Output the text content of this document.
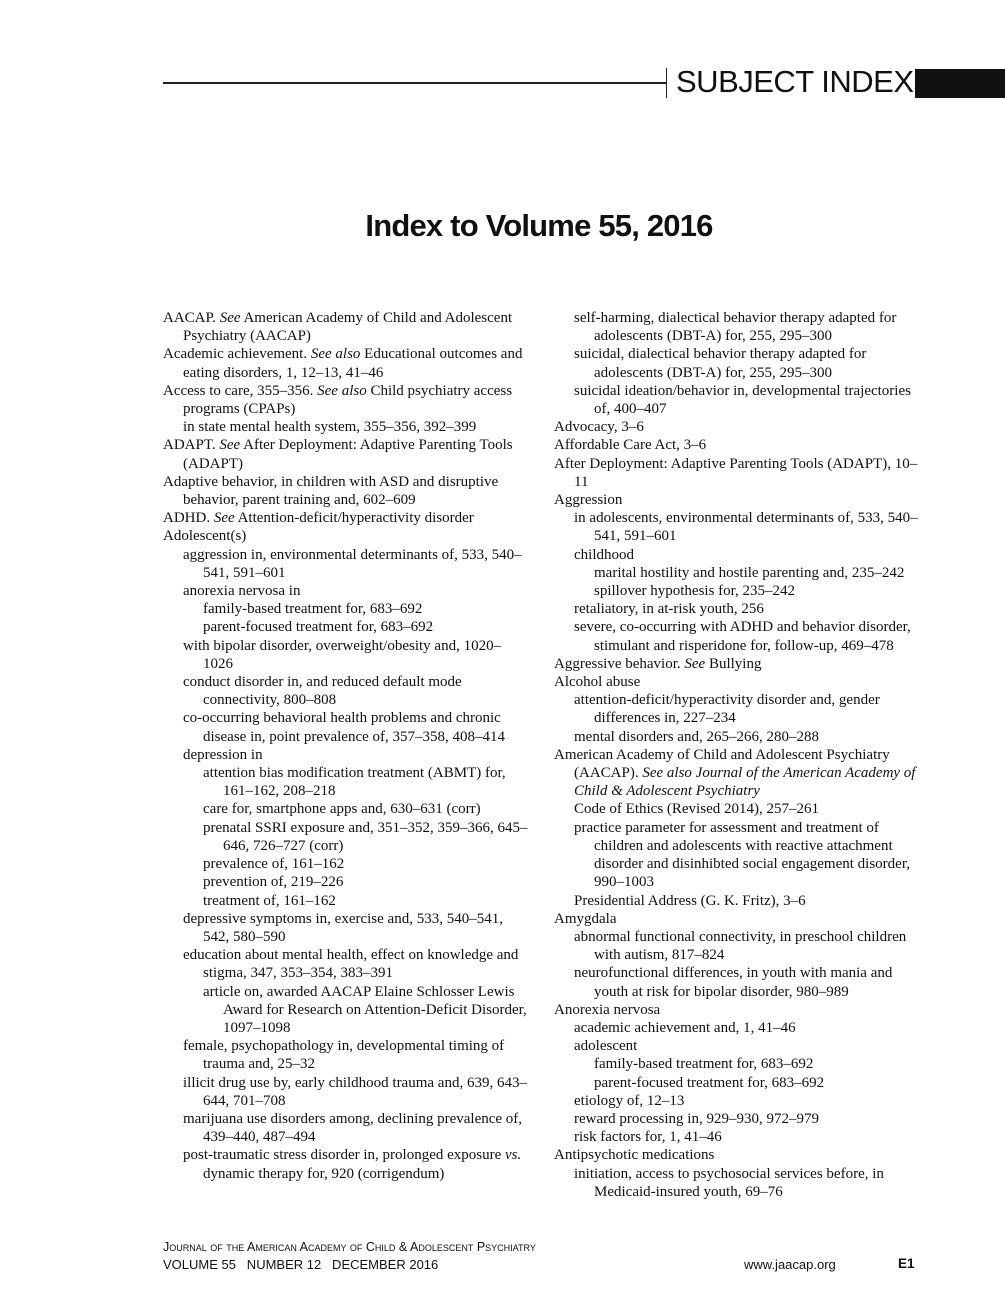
SUBJECT INDEX
Index to Volume 55, 2016
AACAP. See American Academy of Child and Adolescent Psychiatry (AACAP)
Academic achievement. See also Educational outcomes and eating disorders, 1, 12–13, 41–46
Access to care, 355–356. See also Child psychiatry access programs (CPAPs)
in state mental health system, 355–356, 392–399
ADAPT. See After Deployment: Adaptive Parenting Tools (ADAPT)
Adaptive behavior, in children with ASD and disruptive behavior, parent training and, 602–609
ADHD. See Attention-deficit/hyperactivity disorder
Adolescent(s)
aggression in, environmental determinants of, 533, 540–541, 591–601
anorexia nervosa in
family-based treatment for, 683–692
parent-focused treatment for, 683–692
with bipolar disorder, overweight/obesity and, 1020–1026
conduct disorder in, and reduced default mode connectivity, 800–808
co-occurring behavioral health problems and chronic disease in, point prevalence of, 357–358, 408–414
depression in
attention bias modification treatment (ABMT) for, 161–162, 208–218
care for, smartphone apps and, 630–631 (corr)
prenatal SSRI exposure and, 351–352, 359–366, 645–646, 726–727 (corr)
prevalence of, 161–162
prevention of, 219–226
treatment of, 161–162
depressive symptoms in, exercise and, 533, 540–541, 542, 580–590
education about mental health, effect on knowledge and stigma, 347, 353–354, 383–391
article on, awarded AACAP Elaine Schlosser Lewis Award for Research on Attention-Deficit Disorder, 1097–1098
female, psychopathology in, developmental timing of trauma and, 25–32
illicit drug use by, early childhood trauma and, 639, 643–644, 701–708
marijuana use disorders among, declining prevalence of, 439–440, 487–494
post-traumatic stress disorder in, prolonged exposure vs. dynamic therapy for, 920 (corrigendum)
self-harming, dialectical behavior therapy adapted for adolescents (DBT-A) for, 255, 295–300
suicidal, dialectical behavior therapy adapted for adolescents (DBT-A) for, 255, 295–300
suicidal ideation/behavior in, developmental trajectories of, 400–407
Advocacy, 3–6
Affordable Care Act, 3–6
After Deployment: Adaptive Parenting Tools (ADAPT), 10–11
Aggression
in adolescents, environmental determinants of, 533, 540–541, 591–601
childhood
marital hostility and hostile parenting and, 235–242
spillover hypothesis for, 235–242
retaliatory, in at-risk youth, 256
severe, co-occurring with ADHD and behavior disorder, stimulant and risperidone for, follow-up, 469–478
Aggressive behavior. See Bullying
Alcohol abuse
attention-deficit/hyperactivity disorder and, gender differences in, 227–234
mental disorders and, 265–266, 280–288
American Academy of Child and Adolescent Psychiatry (AACAP). See also Journal of the American Academy of Child & Adolescent Psychiatry
Code of Ethics (Revised 2014), 257–261
practice parameter for assessment and treatment of children and adolescents with reactive attachment disorder and disinhibted social engagement disorder, 990–1003
Presidential Address (G. K. Fritz), 3–6
Amygdala
abnormal functional connectivity, in preschool children with autism, 817–824
neurofunctional differences, in youth with mania and youth at risk for bipolar disorder, 980–989
Anorexia nervosa
academic achievement and, 1, 41–46
adolescent
family-based treatment for, 683–692
parent-focused treatment for, 683–692
etiology of, 12–13
reward processing in, 929–930, 972–979
risk factors for, 1, 41–46
Antipsychotic medications
initiation, access to psychosocial services before, in Medicaid-insured youth, 69–76
Journal of the American Academy of Child & Adolescent Psychiatry
VOLUME 55   NUMBER 12   DECEMBER 2016	www.jaacap.org	E1
